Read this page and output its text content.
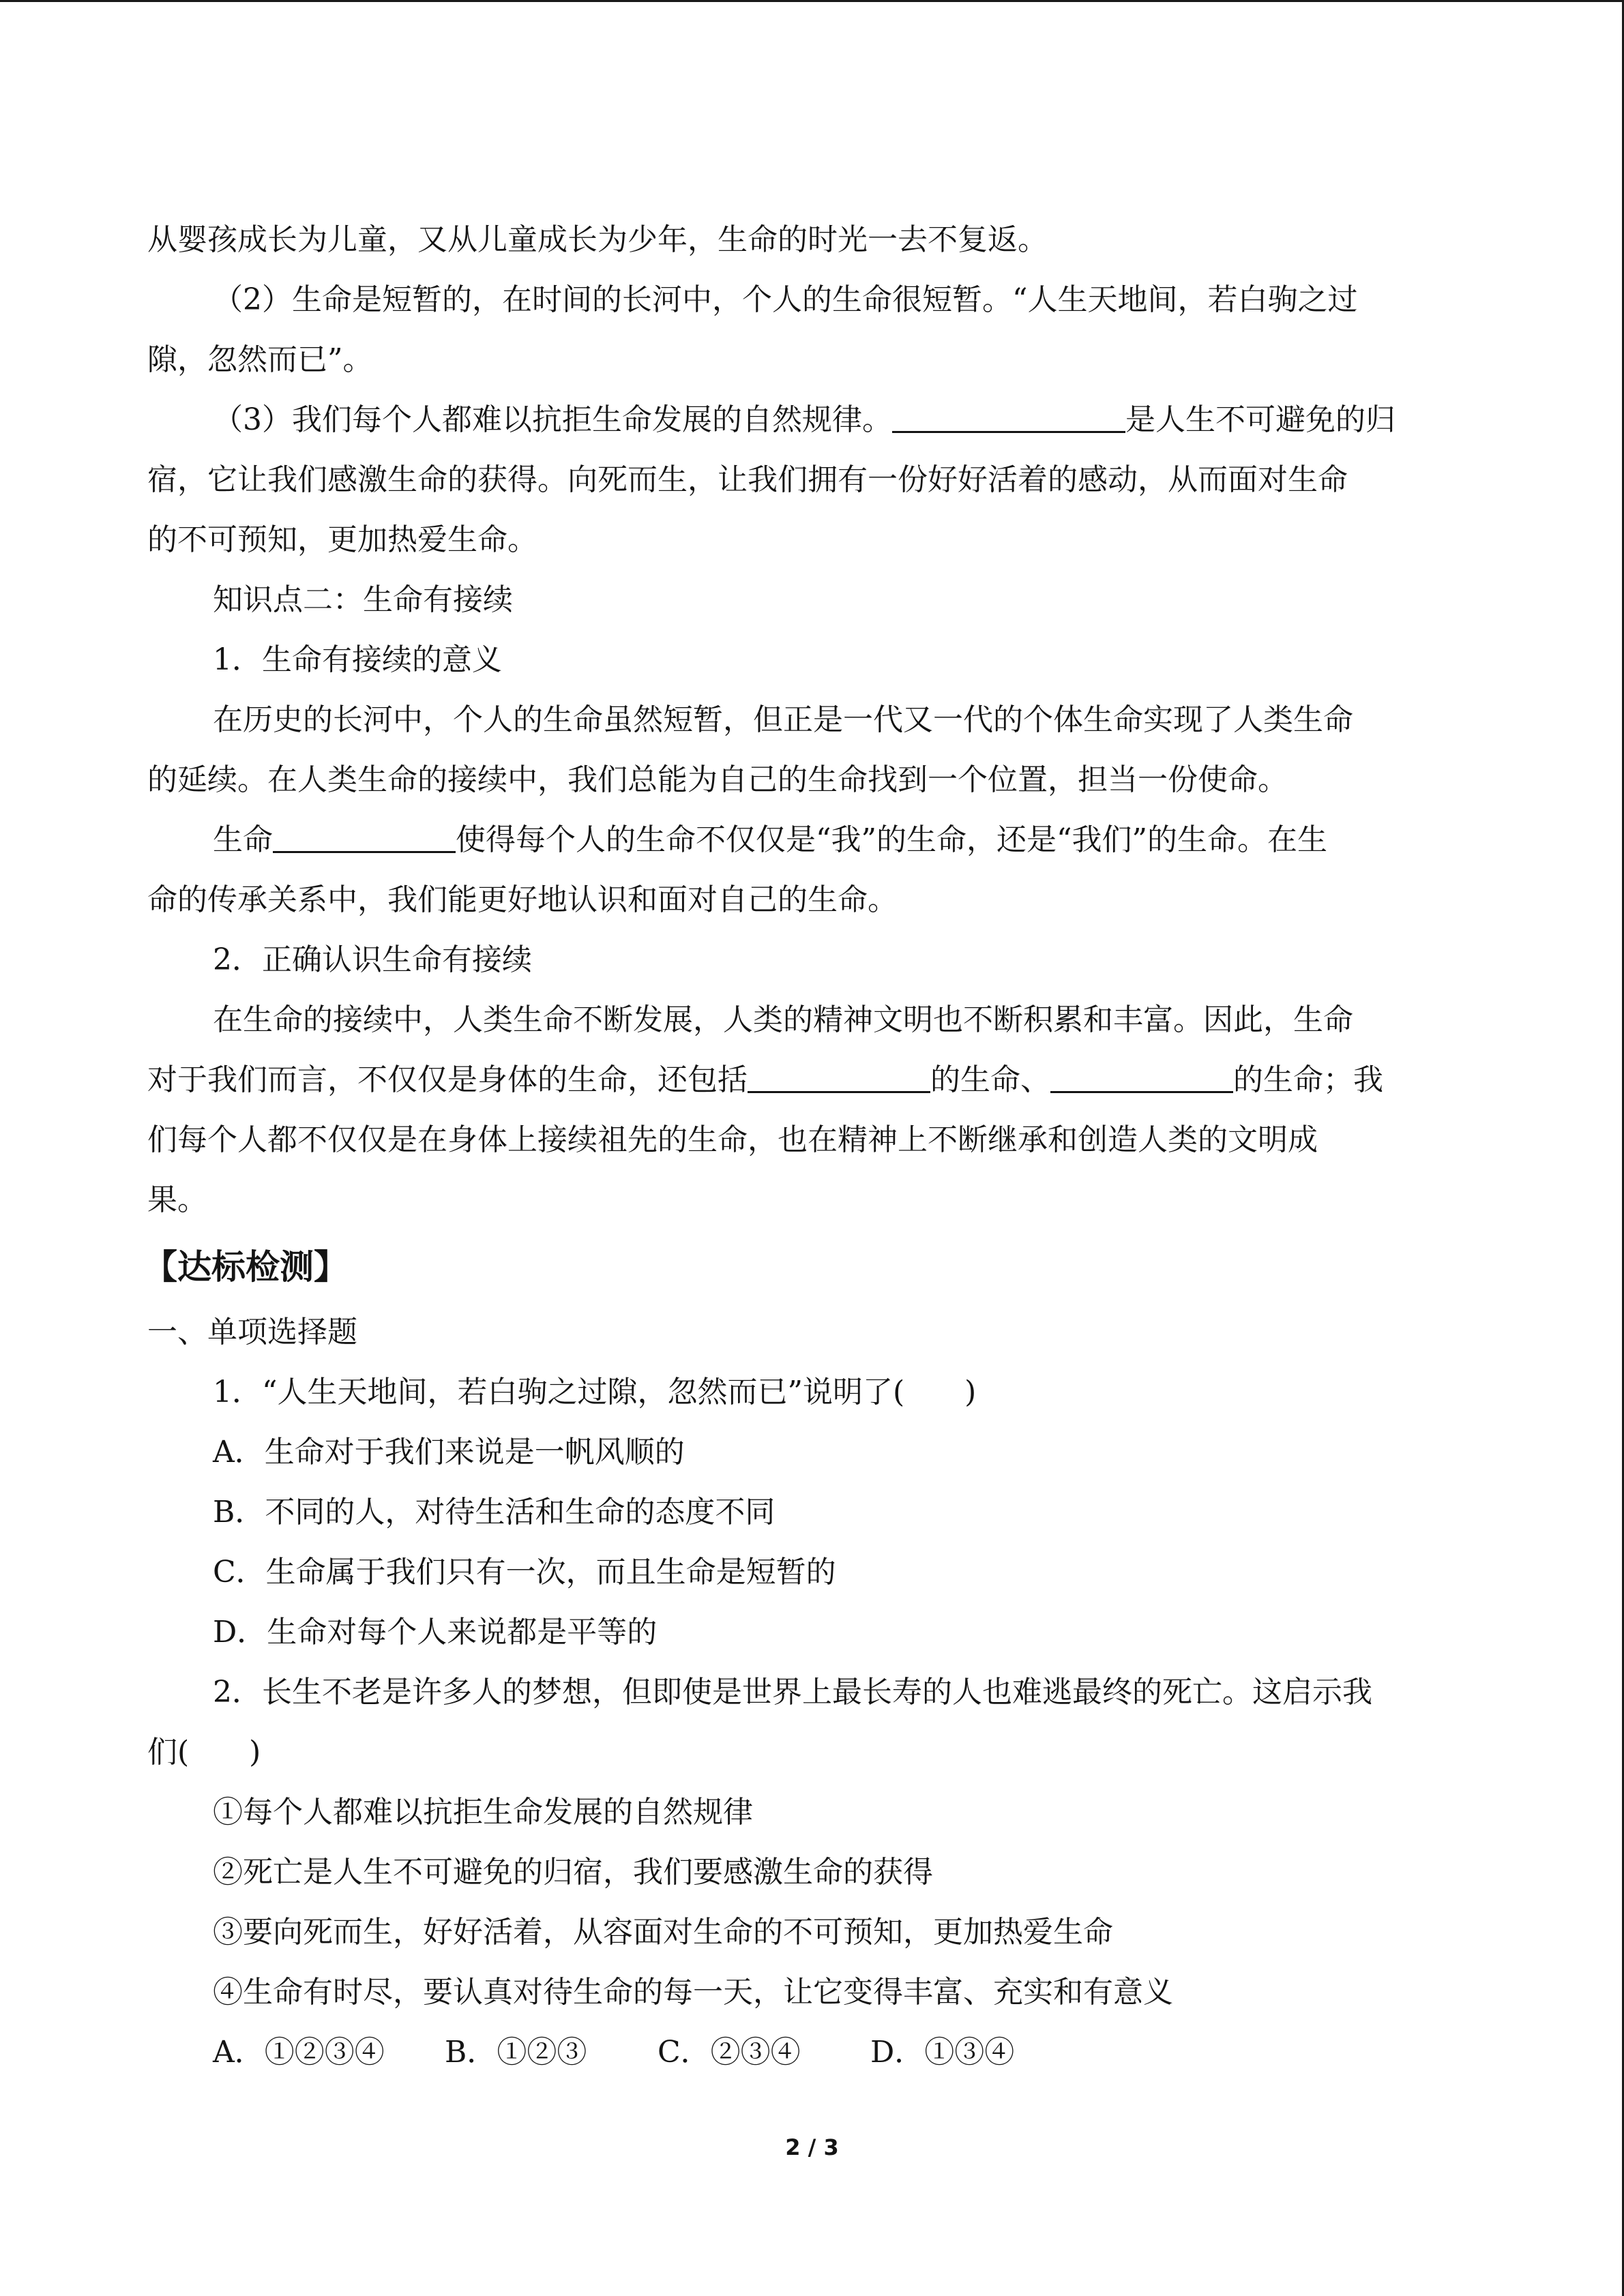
从婴孩成长为儿童，又从儿童成长为少年，生命的时光一去不复返。

（2）生命是短暂的，在时间的长河中，个人的生命很短暂。“人生天地间，若白驹之过

隙，忽然而已”。

（3）我们每个人都难以抗拒生命发展的自然规律。	是人生不可避免的归

宿，它让我们感激生命的获得。向死而生，让我们拥有一份好好活着的感动，从而面对生命

的不可预知，更加热爱生命。

知识点二：生命有接续

1．生命有接续的意义

在历史的长河中，个人的生命虽然短暂，但正是一代又一代的个体生命实现了人类生命

的延续。在人类生命的接续中，我们总能为自己的生命找到一个位置，担当一份使命。

生命	使得每个人的生命不仅仅是“我”的生命，还是“我们”的生命。在生

命的传承关系中，我们能更好地认识和面对自己的生命。

2．正确认识生命有接续

在生命的接续中，人类生命不断发展，人类的精神文明也不断积累和丰富。因此，生命

对于我们而言，不仅仅是身体的生命，还包括	的生命、	的生命；我

们每个人都不仅仅是在身体上接续祖先的生命，也在精神上不断继承和创造人类的文明成

果。

【达标检测】

一、单项选择题

1．“人生天地间，若白驹之过隙，忽然而已”说明了(　　)

A．生命对于我们来说是一帆风顺的

B．不同的人，对待生活和生命的态度不同

C．生命属于我们只有一次，而且生命是短暂的

D．生命对每个人来说都是平等的

2．长生不老是许多人的梦想，但即使是世界上最长寿的人也难逃最终的死亡。这启示我

们(　　)

①每个人都难以抗拒生命发展的自然规律

②死亡是人生不可避免的归宿，我们要感激生命的获得

③要向死而生，好好活着，从容面对生命的不可预知，更加热爱生命

④生命有时尽，要认真对待生命的每一天，让它变得丰富、充实和有意义

A．①②③④ B．①②③ C．②③④ D．①③④

2 / 3
